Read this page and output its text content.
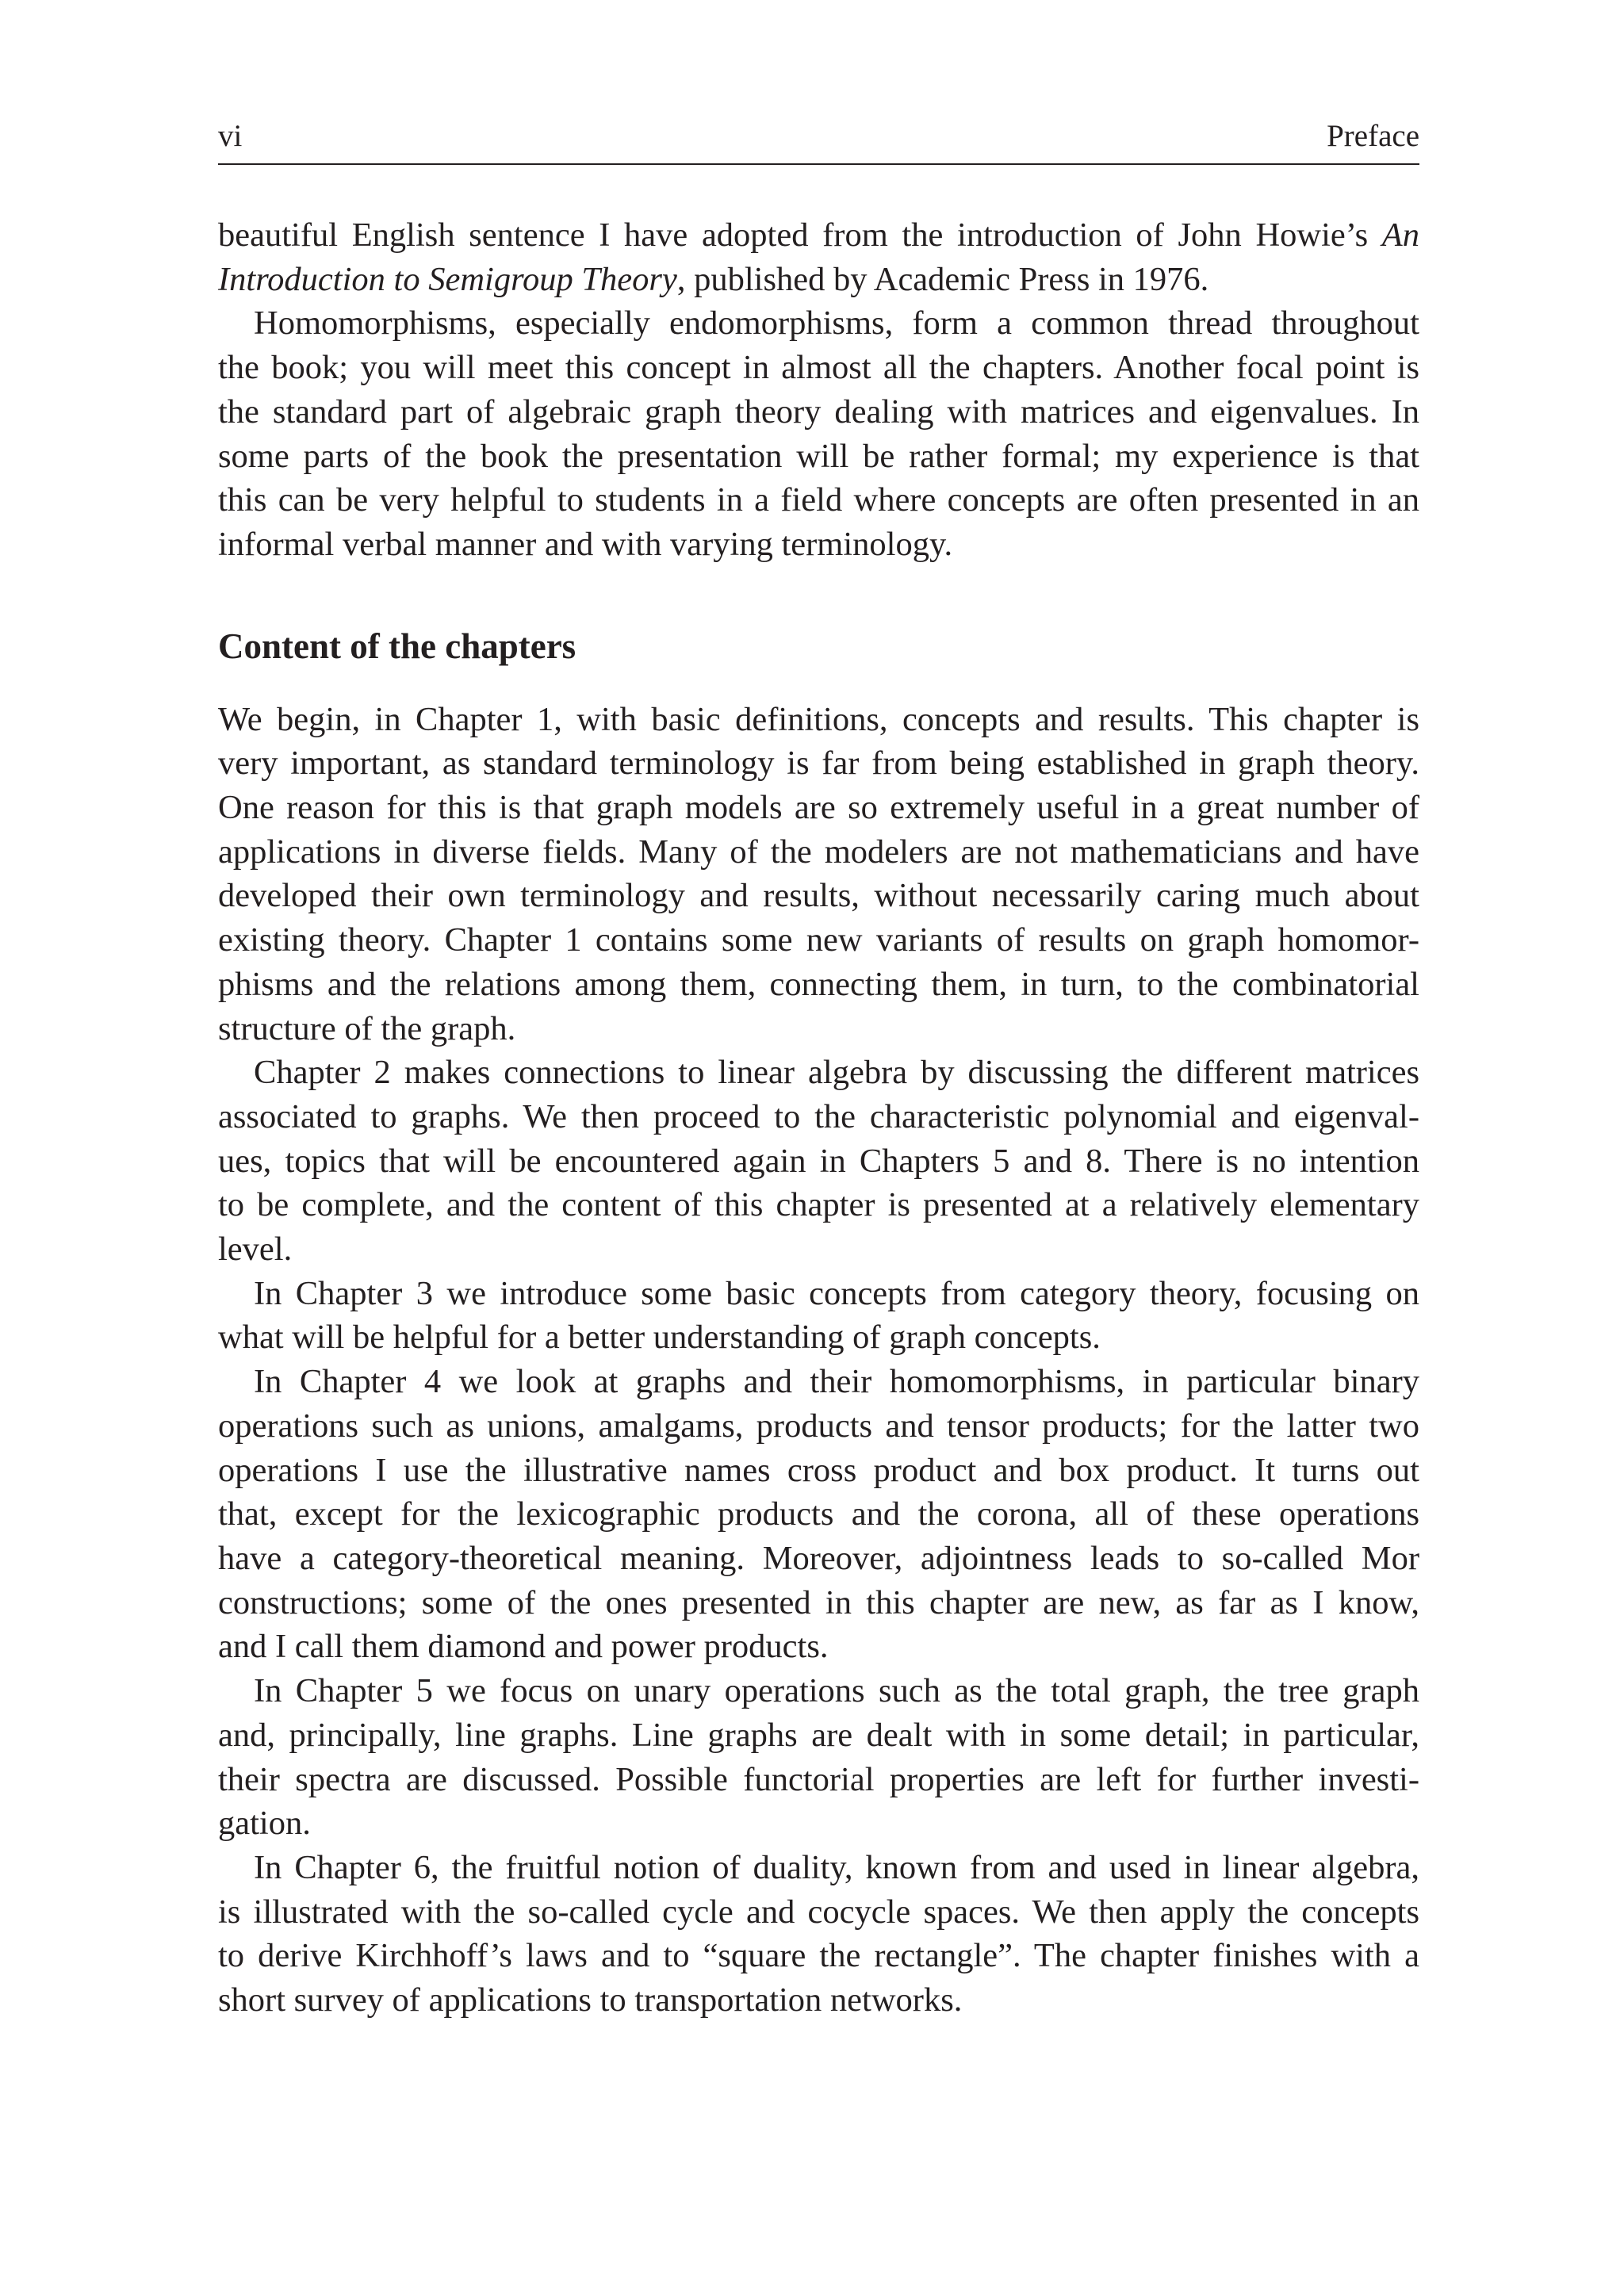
vi	Preface

beautiful English sentence I have adopted from the introduction of John Howie’s An

Introduction to Semigroup Theory, published by Academic Press in 1976.

Homomorphisms, especially endomorphisms, form a common thread throughout

the book; you will meet this concept in almost all the chapters. Another focal point is

the standard part of algebraic graph theory dealing with matrices and eigenvalues. In

some parts of the book the presentation will be rather formal; my experience is that

this can be very helpful to students in a field where concepts are often presented in an

informal verbal manner and with varying terminology.

Content of the chapters

We begin, in Chapter 1, with basic definitions, concepts and results. This chapter is

very important, as standard terminology is far from being established in graph theory.

One reason for this is that graph models are so extremely useful in a great number of

applications in diverse fields. Many of the modelers are not mathematicians and have

developed their own terminology and results, without necessarily caring much about

existing theory. Chapter 1 contains some new variants of results on graph homomor-

phisms and the relations among them, connecting them, in turn, to the combinatorial

structure of the graph.

Chapter 2 makes connections to linear algebra by discussing the different matrices

associated to graphs. We then proceed to the characteristic polynomial and eigenval-

ues, topics that will be encountered again in Chapters 5 and 8. There is no intention

to be complete, and the content of this chapter is presented at a relatively elementary

level.

In Chapter 3 we introduce some basic concepts from category theory, focusing on

what will be helpful for a better understanding of graph concepts.

In Chapter 4 we look at graphs and their homomorphisms, in particular binary

operations such as unions, amalgams, products and tensor products; for the latter two

operations I use the illustrative names cross product and box product. It turns out

that, except for the lexicographic products and the corona, all of these operations

have a category-theoretical meaning. Moreover, adjointness leads to so-called Mor

constructions; some of the ones presented in this chapter are new, as far as I know,

and I call them diamond and power products.

In Chapter 5 we focus on unary operations such as the total graph, the tree graph

and, principally, line graphs. Line graphs are dealt with in some detail; in particular,

their spectra are discussed. Possible functorial properties are left for further investi-

gation.

In Chapter 6, the fruitful notion of duality, known from and used in linear algebra,

is illustrated with the so-called cycle and cocycle spaces. We then apply the concepts

to derive Kirchhoff’s laws and to “square the rectangle”. The chapter finishes with a

short survey of applications to transportation networks.
